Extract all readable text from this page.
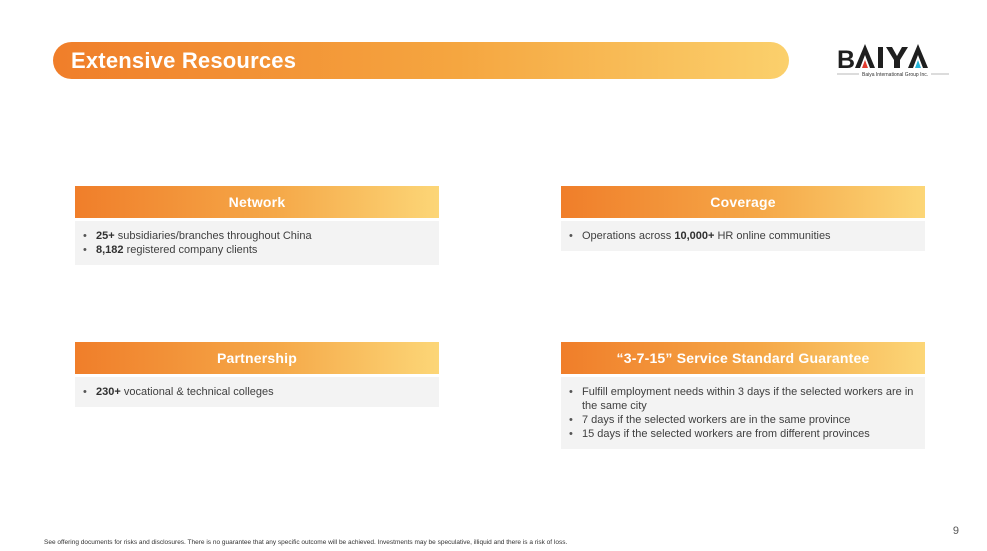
Extensive Resources	B
Baiya International Group Inc.
Network
• 25+ subsidiaries/branches throughout China
• 8,182 registered company clients
Coverage
• Operations across 10,000+ HR online communities
Partnership
• 230+ vocational & technical colleges
“3-7-15” Service Standard Guarantee
• Fulfill employment needs within 3 days if the selected workers are in the same city
• 7 days if the selected workers are in the same province
• 15 days if the selected workers are from different provinces
9
See offering documents for risks and disclosures. There is no guarantee that any specific outcome will be achieved. Investments may be speculative, illiquid and there is a risk of loss.
